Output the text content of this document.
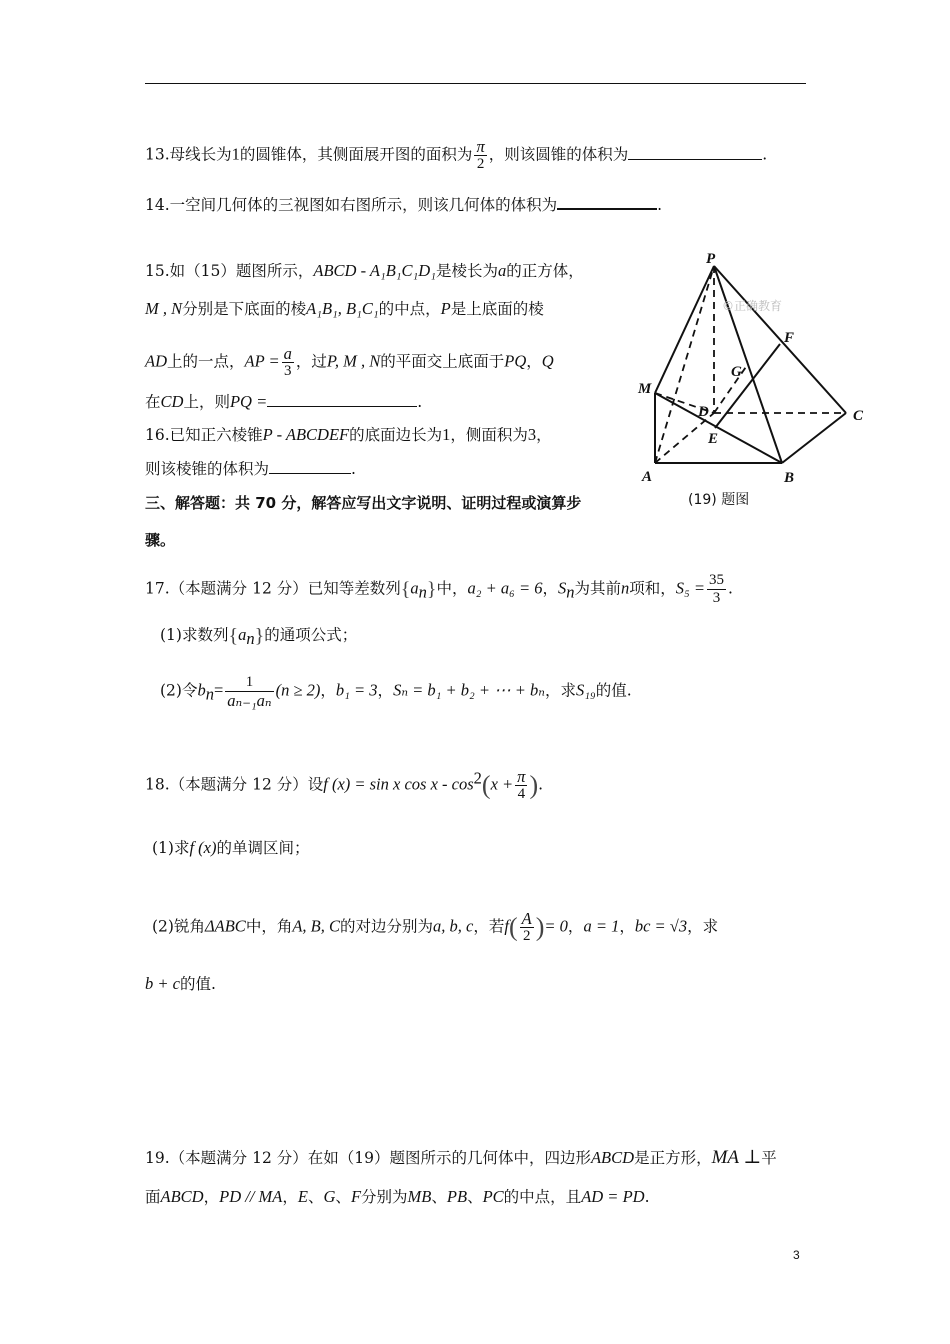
13.母线长为1的圆锥体，其侧面展开图的面积为 $\frac{\pi}{2}$ ，则该圆锥的体积为	.
14.一空间几何体的三视图如右图所示，则该几何体的体积为	.
15.如（15）题图所示，ABCD - A₁B₁C₁D₁是棱长为a的正方体，
M , N分别是下底面的棱A₁B₁, B₁C₁的中点，P是上底面的棱
AD上的一点，AP = $\frac{a}{3}$ ，过P, M , N的平面交上底面于PQ，Q
在CD上，则PQ =	.
16.已知正六棱锥P - ABCDEF的底面边长为1，侧面积为3，
则该棱锥的体积为	.
三、解答题：共 70 分，解答应写出文字说明、证明过程或演算步
骤。
17.（本题满分 12 分）已知等差数列$\{a_n\}$中，a₂ + a₆ = 6，$S_n$为其前n项和，$S_5 = \frac{35}{3}$ .
(1)求数列$\{a_n\}$的通项公式；
(2)令$b_n= \frac{1}{\text{aₙ₋₁aₙ}} (n \ge 2)$，b₁ = 3，Sₙ = b₁ + b₂ + ⋯ + bₙ，求S₁₉的值.
18.（本题满分 12 分）设f (x) = sin x $\cos x - \cos^2(x + \frac{\pi}{4}$ ).
(1)求f (x)的单调区间；
(2)锐角ΔABC中，角A, B, C的对边分别为a, b, c，若$f( \frac{A}{2}$ )= 0，a = 1，bc = √3，求
b + c的值.
19.（本题满分 12 分）在如（19）题图所示的几何体中，四边形ABCD是正方形，MA ⊥平
面ABCD，PD // MA，E、G、F分别为MB、PB、PC的中点，且AD = PD.
©正确教育
P
F
G
M
D	C
E
A	B
(19) 题图
3
